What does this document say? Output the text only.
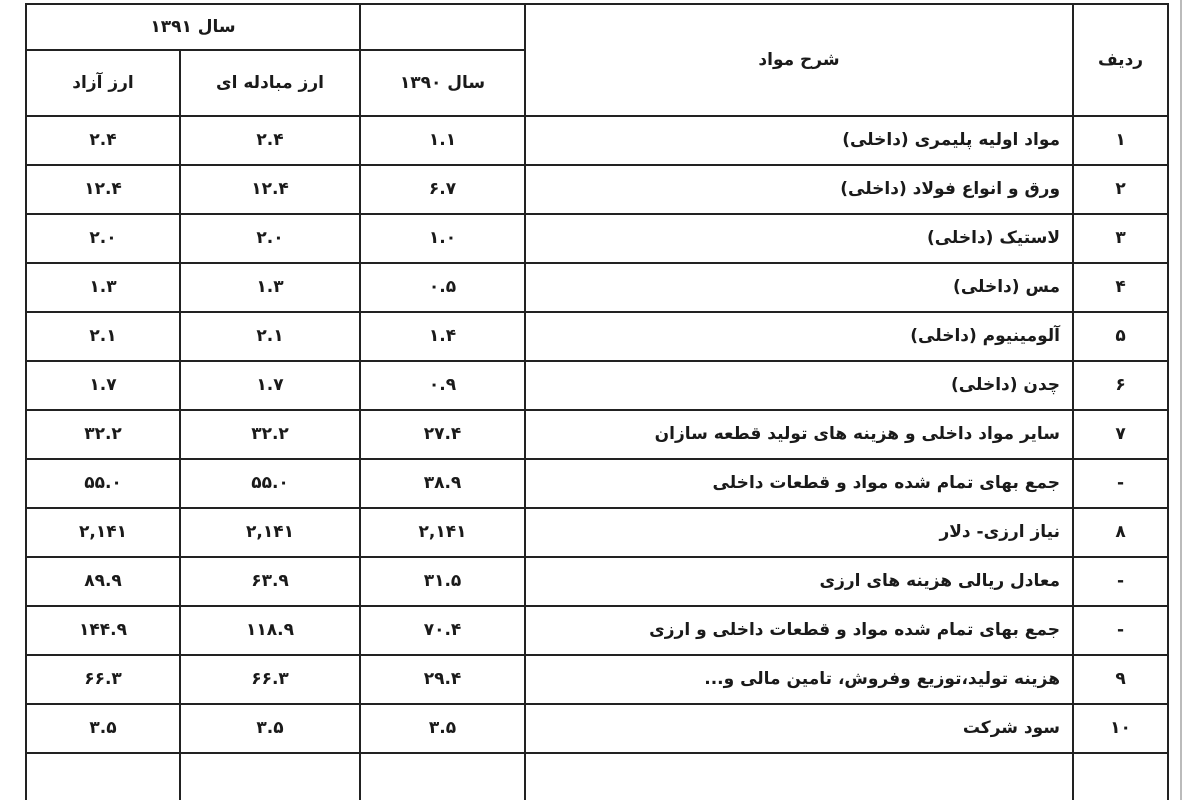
ردیف	شرح مواد		سال ۱۳۹۱	
		سال ۱۳۹۰	ارز مبادله ای	ارز آزاد
۱	مواد اولیه پلیمری (داخلی)	۱.۱	۲.۴	۲.۴
۲	ورق و انواع فولاد (داخلی)	۶.۷	۱۲.۴	۱۲.۴
۳	لاستیک (داخلی)	۱.۰	۲.۰	۲.۰
۴	مس (داخلی)	۰.۵	۱.۳	۱.۳
۵	آلومینیوم (داخلی)	۱.۴	۲.۱	۲.۱
۶	چدن (داخلی)	۰.۹	۱.۷	۱.۷
۷	سایر مواد داخلی و هزینه های تولید قطعه سازان	۲۷.۴	۳۲.۲	۳۲.۲
-	جمع بهای تمام شده مواد و قطعات داخلی	۳۸.۹	۵۵.۰	۵۵.۰
۸	نیاز ارزی- دلار	۲,۱۴۱	۲,۱۴۱	۲,۱۴۱
-	معادل ریالی هزینه های ارزی	۳۱.۵	۶۳.۹	۸۹.۹
-	جمع بهای تمام شده مواد و قطعات داخلی و ارزی	۷۰.۴	۱۱۸.۹	۱۴۴.۹
۹	هزینه تولید،توزیع وفروش، تامین مالی و...	۲۹.۴	۶۶.۳	۶۶.۳
۱۰	سود شرکت	۳.۵	۳.۵	۳.۵
